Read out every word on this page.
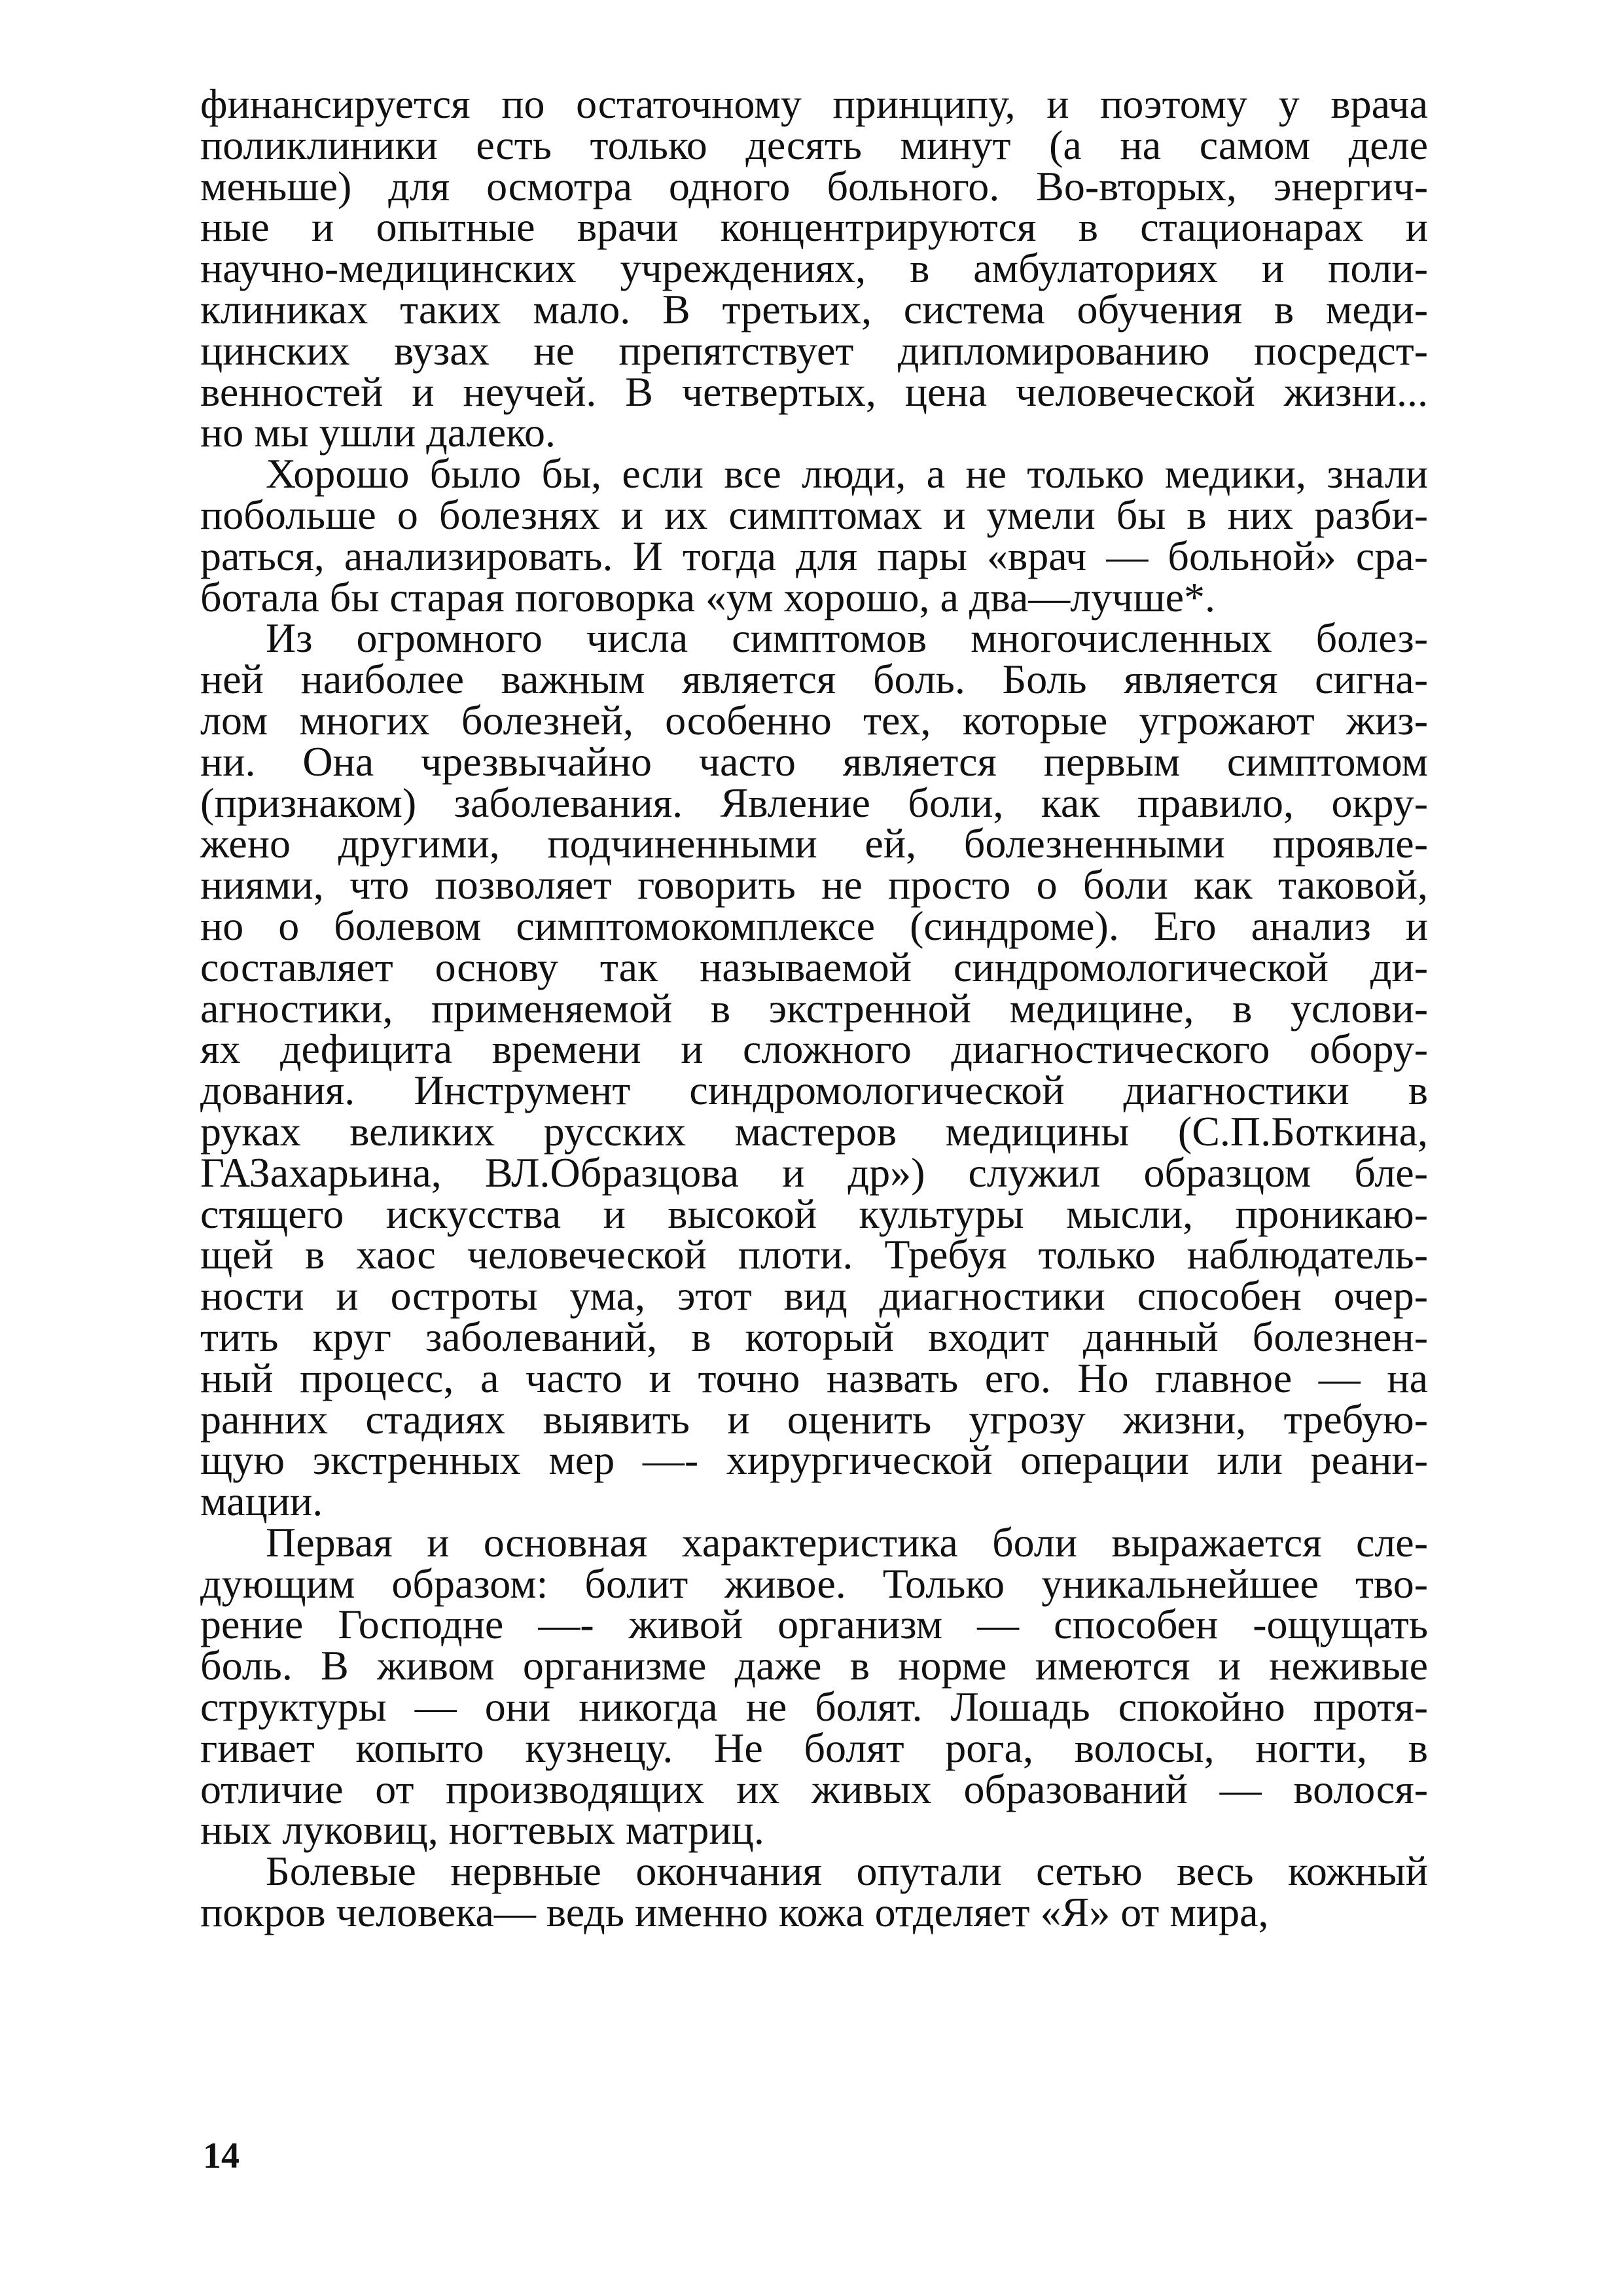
финансируется по остаточному принципу, и поэтому у врача
поликлиники есть только десять минут (а на самом деле
меньше) для осмотра одного больного. Во-вторых, энергич-
ные и опытные врачи концентрируются в стационарах и
научно-медицинских учреждениях, в амбулаториях и поли-
клиниках таких мало. В третьих, система обучения в меди-
цинских вузах не препятствует дипломированию посредст-
венностей и неучей. В четвертых, цена человеческой жизни...
но мы ушли далеко.

Хорошо было бы, если все люди, а не только медики, знали
побольше о болезнях и их симптомах и умели бы в них разби-
раться, анализировать. И тогда для пары «врач — больной» сра-
ботала бы старая поговорка «ум хорошо, а два—лучше*.

Из огромного числа симптомов многочисленных болез-
ней наиболее важным является боль. Боль является сигна-
лом многих болезней, особенно тех, которые угрожают жиз-
ни. Она чрезвычайно часто является первым симптомом
(признаком) заболевания. Явление боли, как правило, окру-
жено другими, подчиненными ей, болезненными проявле-
ниями, что позволяет говорить не просто о боли как таковой,
но о болевом симптомокомплексе (синдроме). Его анализ и
составляет основу так называемой синдромологической ди-
агностики, применяемой в экстренной медицине, в услови-
ях дефицита времени и сложного диагностического обору-
дования. Инструмент синдромологической диагностики в
руках великих русских мастеров медицины (С.П.Боткина,
ГАЗахарьина, ВЛ.Образцова и др») служил образцом бле-
стящего искусства и высокой культуры мысли, проникаю-
щей в хаос человеческой плоти. Требуя только наблюдатель-
ности и остроты ума, этот вид диагностики способен очер-
тить круг заболеваний, в который входит данный болезнен-
ный процесс, а часто и точно назвать его. Но главное — на
ранних стадиях выявить и оценить угрозу жизни, требую-
щую экстренных мер —- хирургической операции или реани-
мации.

Первая и основная характеристика боли выражается сле-
дующим образом: болит живое. Только уникальнейшее тво-
рение Господне —- живой организм — способен -ощущать
боль. В живом организме даже в норме имеются и неживые
структуры — они никогда не болят. Лошадь спокойно протя-
гивает копыто кузнецу. Не болят рога, волосы, ногти, в
отличие от производящих их живых образований — волося-
ных луковиц, ногтевых матриц.

Болевые нервные окончания опутали сетью весь кожный
покров человека— ведь именно кожа отделяет «Я» от мира,

14
